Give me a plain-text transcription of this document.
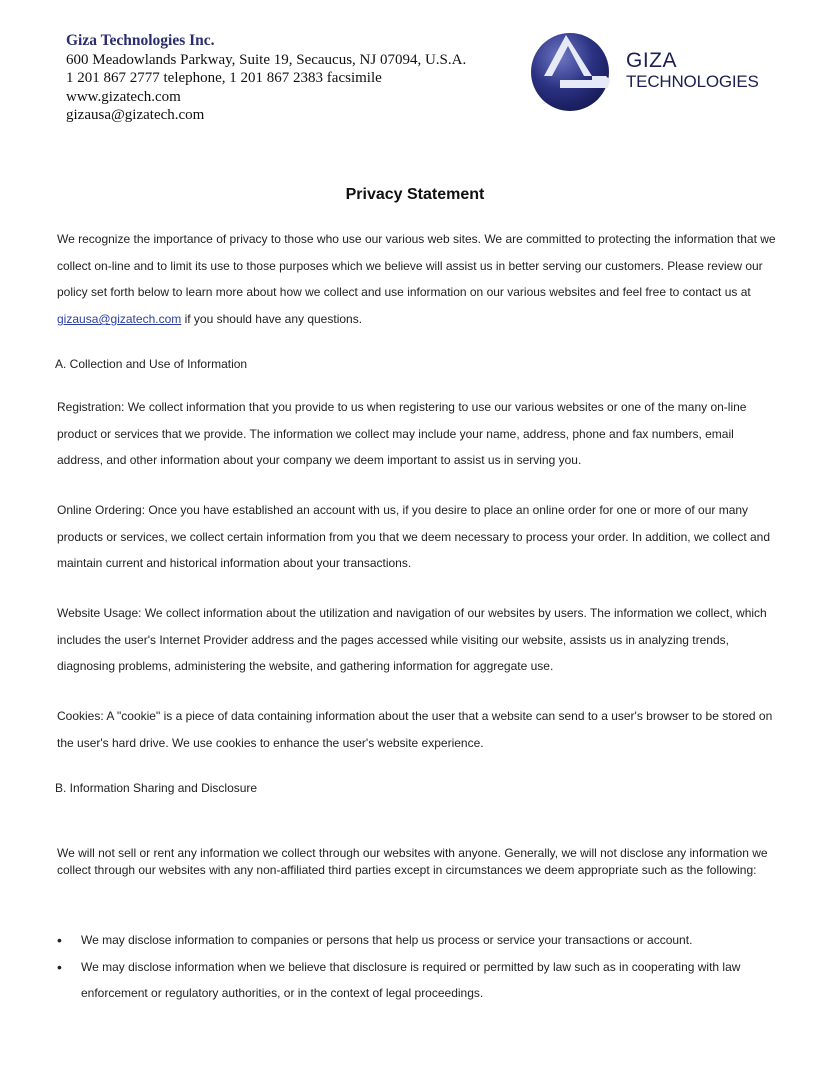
Giza Technologies Inc.
600 Meadowlands Parkway, Suite 19, Secaucus, NJ 07094, U.S.A.
1 201 867 2777 telephone, 1 201 867 2383 facsimile
www.gizatech.com
gizausa@gizatech.com
GIZA
TECHNOLOGIES
Privacy Statement
We recognize the importance of privacy to those who use our various web sites. We are committed to protecting the information that we collect on-line and to limit its use to those purposes which we believe will assist us in better serving our customers. Please review our policy set forth below to learn more about how we collect and use information on our various websites and feel free to contact us at gizausa@gizatech.com if you should have any questions.
A. Collection and Use of Information
Registration: We collect information that you provide to us when registering to use our various websites or one of the many on-line product or services that we provide. The information we collect may include your name, address, phone and fax numbers, email address, and other information about your company we deem important to assist us in serving you.
Online Ordering: Once you have established an account with us, if you desire to place an online order for one or more of our many products or services, we collect certain information from you that we deem necessary to process your order. In addition, we collect and maintain current and historical information about your transactions.
Website Usage: We collect information about the utilization and navigation of our websites by users. The information we collect, which includes the user's Internet Provider address and the pages accessed while visiting our website, assists us in analyzing trends, diagnosing problems, administering the website, and gathering information for aggregate use.
Cookies: A "cookie" is a piece of data containing information about the user that a website can send to a user's browser to be stored on the user's hard drive. We use cookies to enhance the user's website experience.
B. Information Sharing and Disclosure
We will not sell or rent any information we collect through our websites with anyone. Generally, we will not disclose any information we collect through our websites with any non-affiliated third parties except in circumstances we deem appropriate such as the following:
• We may disclose information to companies or persons that help us process or service your transactions or account.
• We may disclose information when we believe that disclosure is required or permitted by law such as in cooperating with law enforcement or regulatory authorities, or in the context of legal proceedings.
